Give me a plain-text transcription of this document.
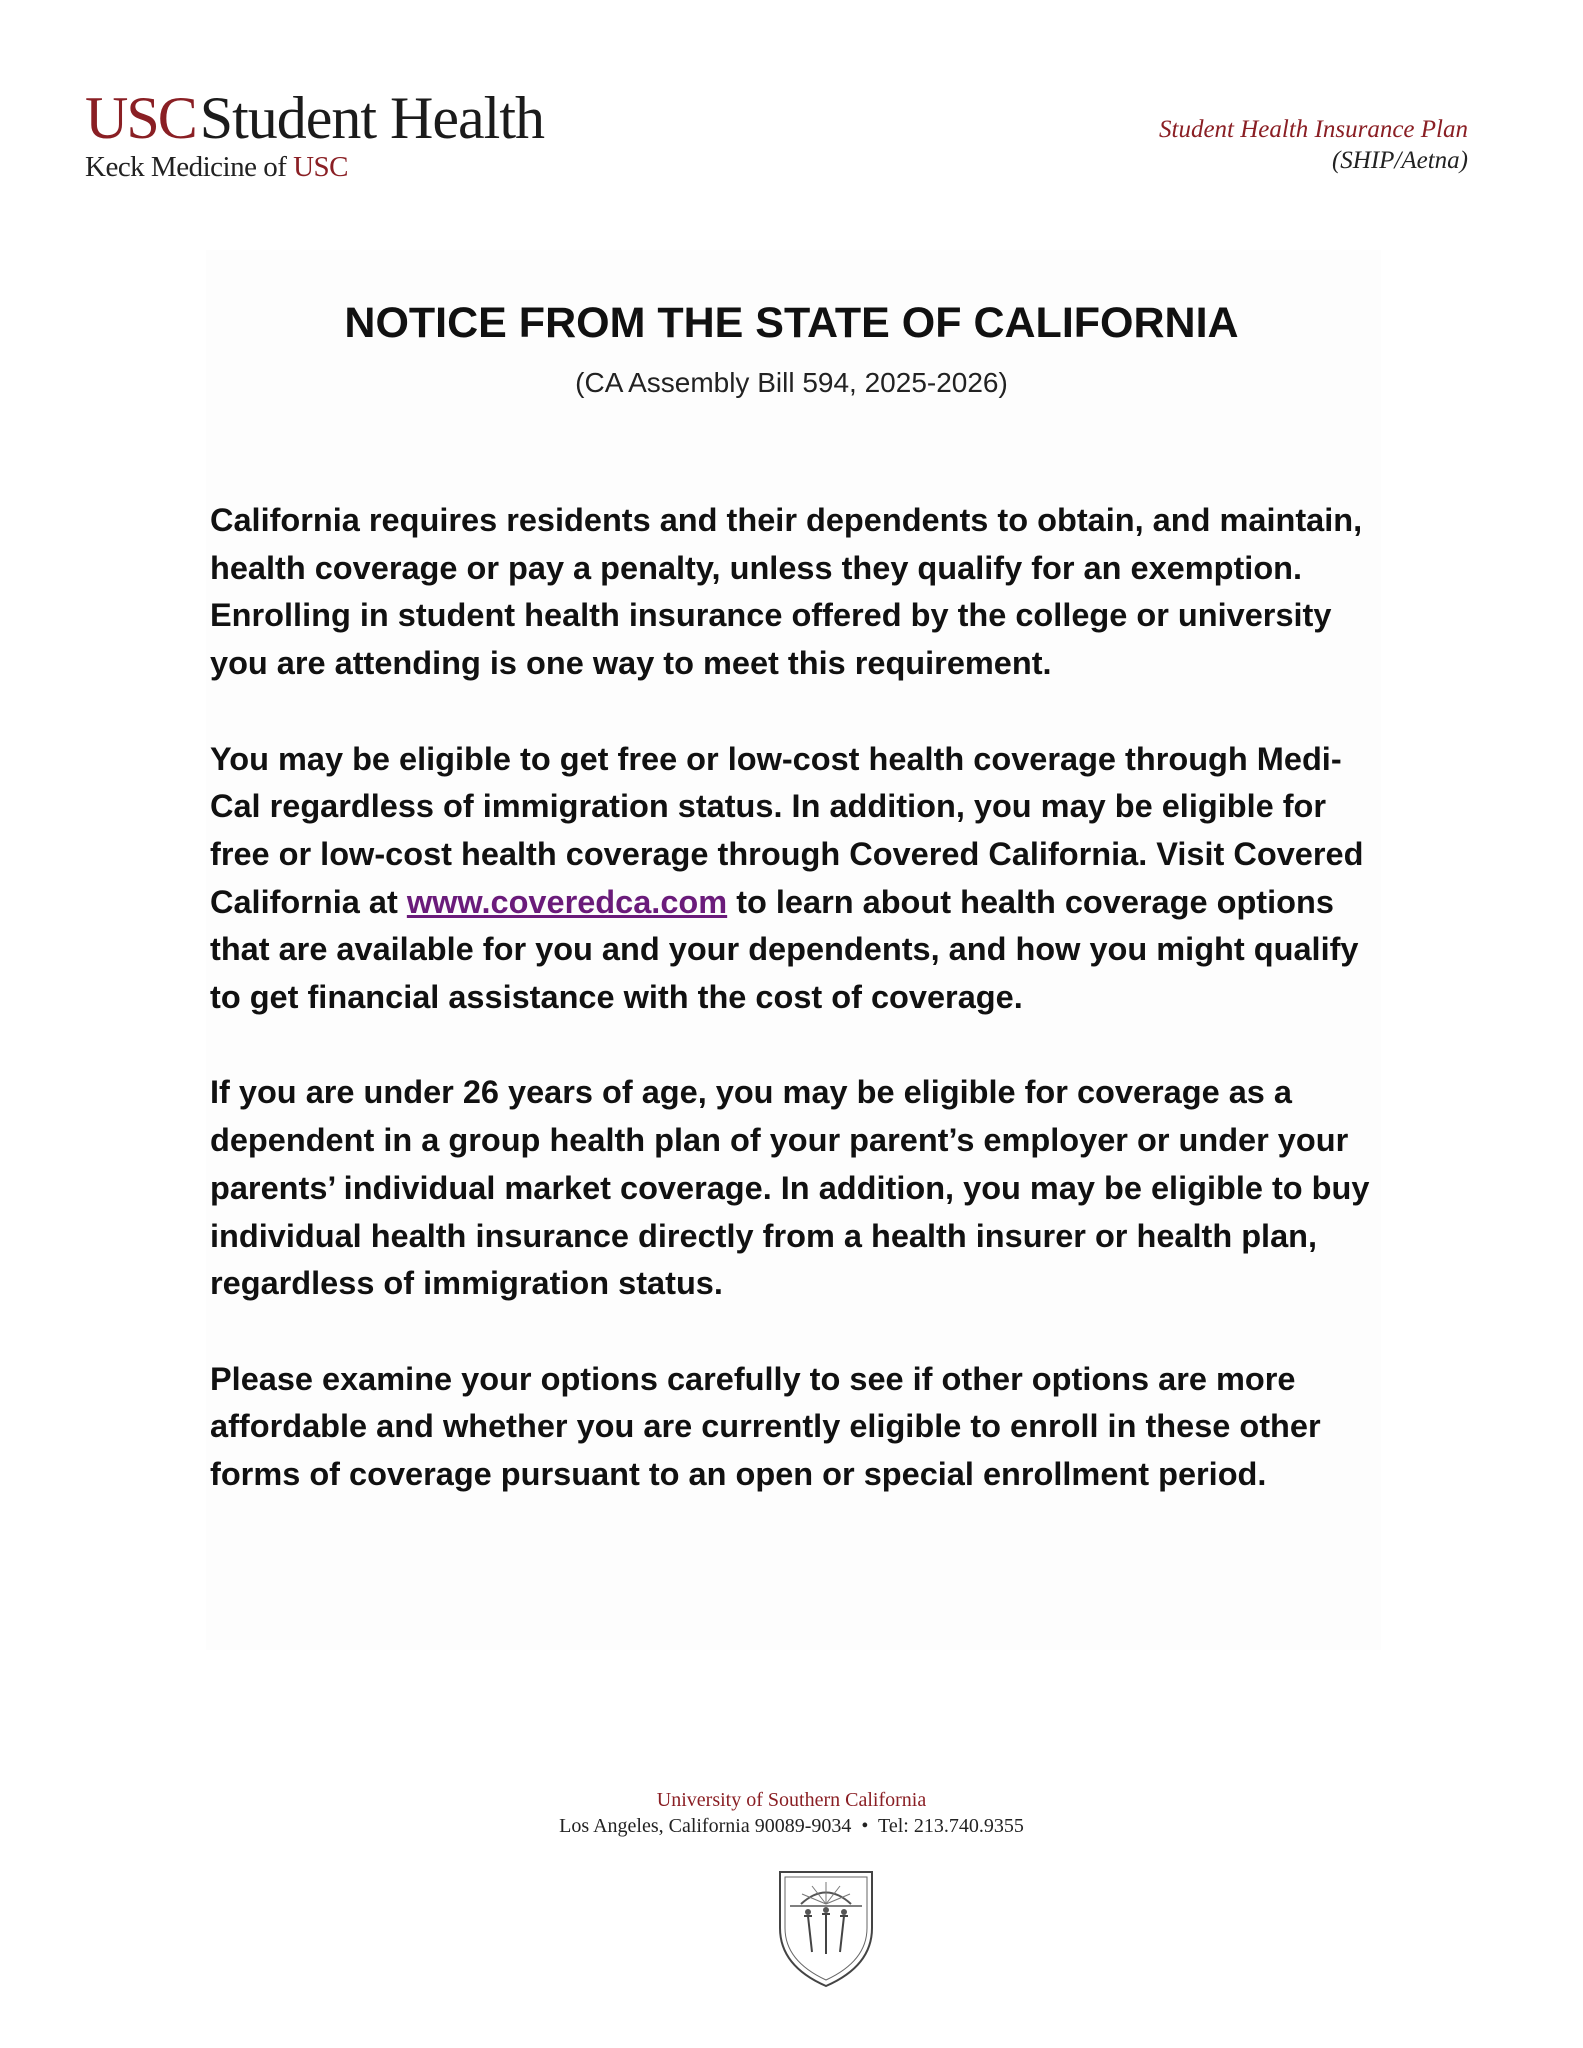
USCStudent Health
Keck Medicine of USC
Student Health Insurance Plan
(SHIP/Aetna)
NOTICE FROM THE STATE OF CALIFORNIA
(CA Assembly Bill 594, 2025-2026)

California requires residents and their dependents to obtain, and maintain, health coverage or pay a penalty, unless they qualify for an exemption. Enrolling in student health insurance offered by the college or university you are attending is one way to meet this requirement.

You may be eligible to get free or low-cost health coverage through Medi-Cal regardless of immigration status. In addition, you may be eligible for free or low-cost health coverage through Covered California. Visit Covered California at www.coveredca.com to learn about health coverage options that are available for you and your dependents, and how you might qualify to get financial assistance with the cost of coverage.

If you are under 26 years of age, you may be eligible for coverage as a dependent in a group health plan of your parent’s employer or under your parents’ individual market coverage. In addition, you may be eligible to buy individual health insurance directly from a health insurer or health plan, regardless of immigration status.

Please examine your options carefully to see if other options are more affordable and whether you are currently eligible to enroll in these other forms of coverage pursuant to an open or special enrollment period.

University of Southern California
Los Angeles, California 90089-9034 • Tel: 213.740.9355
